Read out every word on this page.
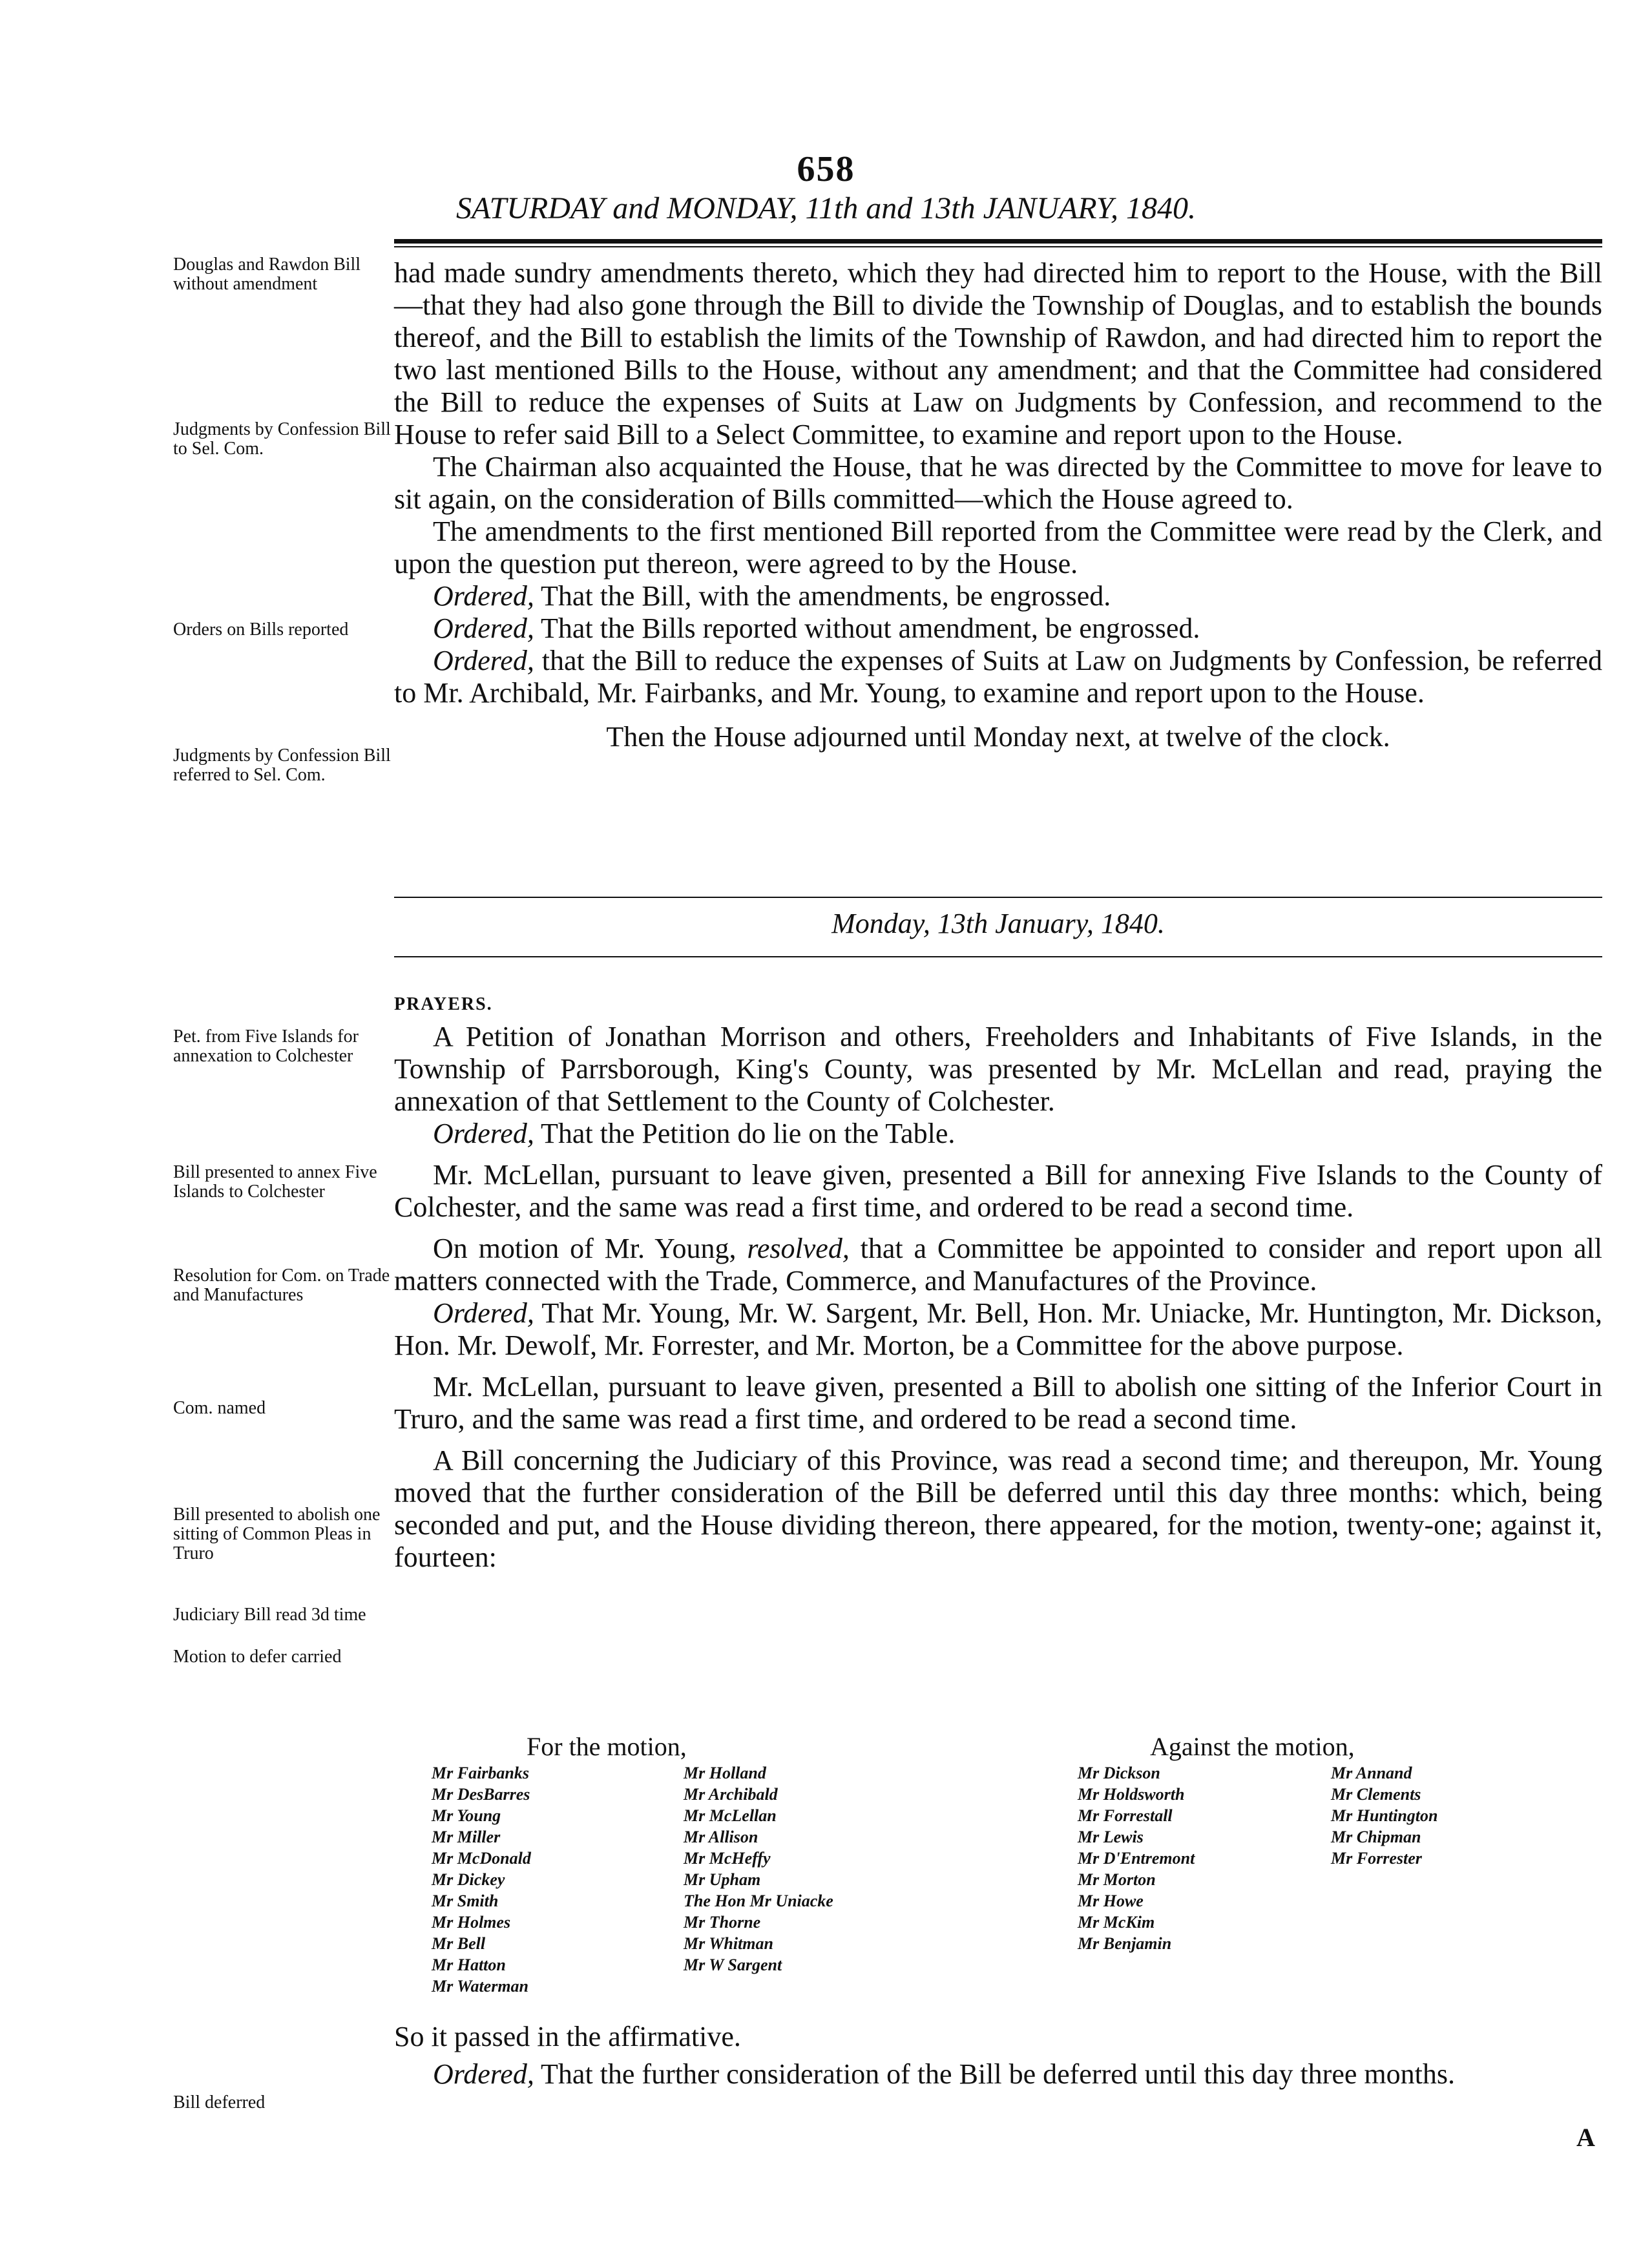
658
SATURDAY and MONDAY, 11th and 13th JANUARY, 1840.
Douglas and Rawdon Bill without amendment
Judgments by Confession Bill to Sel. Com.
Orders on Bills reported
Judgments by Confession Bill referred to Sel. Com.
Pet. from Five Islands for annexation to Colchester
Bill presented to annex Five Islands to Colchester
Resolution for Com. on Trade and Manufactures
Com. named
Bill presented to abolish one sitting of Common Pleas in Truro
Judiciary Bill read 3d time
Motion to defer carried
Bill deferred

had made sundry amendments thereto, which they had directed him to report to the House, with the Bill—that they had also gone through the Bill to divide the Township of Douglas, and to establish the bounds thereof, and the Bill to establish the limits of the Township of Rawdon, and had directed him to report the two last mentioned Bills to the House, without any amendment; and that the Committee had considered the Bill to reduce the expenses of Suits at Law on Judgments by Confession, and recommend to the House to refer said Bill to a Select Committee, to examine and report upon to the House.

The Chairman also acquainted the House, that he was directed by the Committee to move for leave to sit again, on the consideration of Bills committed—which the House agreed to.

The amendments to the first mentioned Bill reported from the Committee were read by the Clerk, and upon the question put thereon, were agreed to by the House.

Ordered, That the Bill, with the amendments, be engrossed.

Ordered, That the Bills reported without amendment, be engrossed.

Ordered, that the Bill to reduce the expenses of Suits at Law on Judgments by Confession, be referred to Mr. Archibald, Mr. Fairbanks, and Mr. Young, to examine and report upon to the House.

Then the House adjourned until Monday next, at twelve of the clock.

Monday, 13th January, 1840.
PRAYERS.

A Petition of Jonathan Morrison and others, Freeholders and Inhabitants of Five Islands, in the Township of Parrsborough, King's County, was presented by Mr. McLellan and read, praying the annexation of that Settlement to the County of Colchester.

Ordered, That the Petition do lie on the Table.

Mr. McLellan, pursuant to leave given, presented a Bill for annexing Five Islands to the County of Colchester, and the same was read a first time, and ordered to be read a second time.

On motion of Mr. Young, resolved, that a Committee be appointed to consider and report upon all matters connected with the Trade, Commerce, and Manufactures of the Province.

Ordered, That Mr. Young, Mr. W. Sargent, Mr. Bell, Hon. Mr. Uniacke, Mr. Huntington, Mr. Dickson, Hon. Mr. Dewolf, Mr. Forrester, and Mr. Morton, be a Committee for the above purpose.

Mr. McLellan, pursuant to leave given, presented a Bill to abolish one sitting of the Inferior Court in Truro, and the same was read a first time, and ordered to be read a second time.

A Bill concerning the Judiciary of this Province, was read a second time; and thereupon, Mr. Young moved that the further consideration of the Bill be deferred until this day three months: which, being seconded and put, and the House dividing thereon, there appeared, for the motion, twenty-one; against it, fourteen:

For the motion,	Against the motion,
Mr Fairbanks
Mr DesBarres
Mr Young
Mr Miller
Mr McDonald
Mr Dickey
Mr Smith
Mr Holmes
Mr Bell
Mr Hatton
Mr Waterman
Mr Holland
Mr Archibald
Mr McLellan
Mr Allison
Mr McHeffy
Mr Upham
The Hon Mr Uniacke
Mr Thorne
Mr Whitman
Mr W Sargent
Mr Dickson
Mr Holdsworth
Mr Forrestall
Mr Lewis
Mr D'Entremont
Mr Morton
Mr Howe
Mr McKim
Mr Benjamin
Mr Annand
Mr Clements
Mr Huntington
Mr Chipman
Mr Forrester

So it passed in the affirmative.

Ordered, That the further consideration of the Bill be deferred until this day three months.

A
